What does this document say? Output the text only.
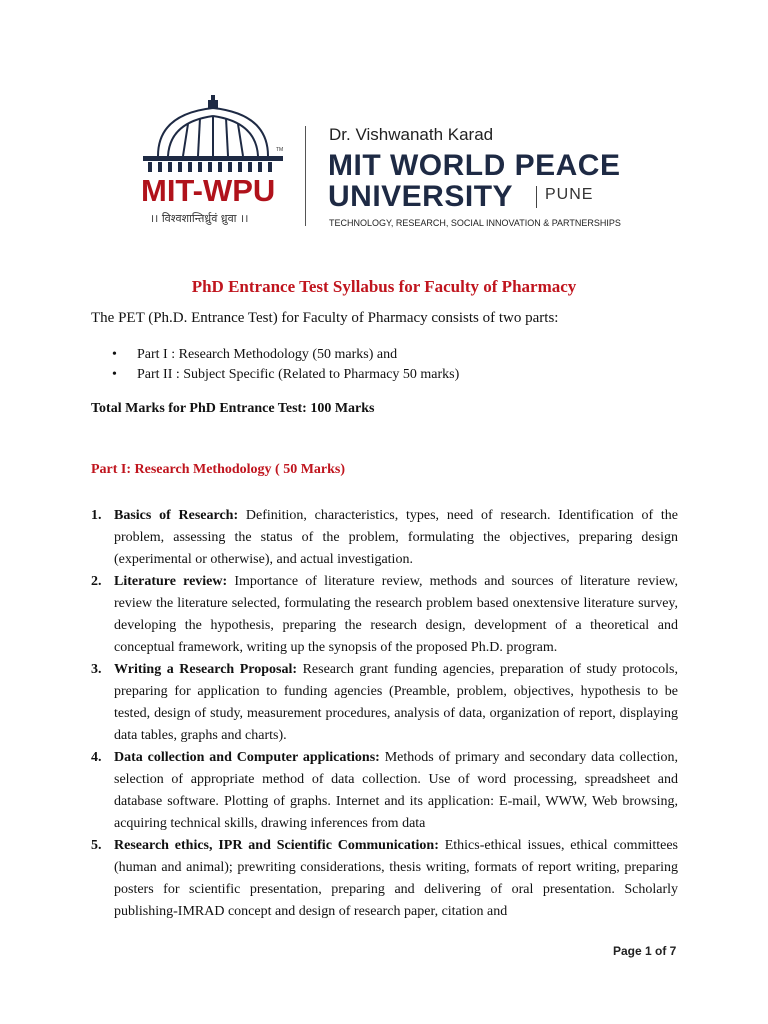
TM
MIT-WPU
।। विश्वशान्तिर्ध्रुवं ध्रुवा ।।
Dr. Vishwanath Karad
MIT WORLD PEACE
UNIVERSITY PUNE
TECHNOLOGY, RESEARCH, SOCIAL INNOVATION & PARTNERSHIPS
PhD Entrance Test Syllabus for Faculty of Pharmacy
The PET (Ph.D. Entrance Test) for Faculty of Pharmacy consists of two parts:
• Part I : Research Methodology (50 marks) and
• Part II : Subject Specific (Related to Pharmacy 50 marks)
Total Marks for PhD Entrance Test: 100 Marks
Part I: Research Methodology ( 50 Marks)
1. Basics of Research: Definition, characteristics, types, need of research. Identification of the problem, assessing the status of the problem, formulating the objectives, preparing design (experimental or otherwise), and actual investigation.
2. Literature review: Importance of literature review, methods and sources of literature review, review the literature selected, formulating the research problem based onextensive literature survey, developing the hypothesis, preparing the research design, development of a theoretical and conceptual framework, writing up the synopsis of the proposed Ph.D. program.
3. Writing a Research Proposal: Research grant funding agencies, preparation of study protocols, preparing for application to funding agencies (Preamble, problem, objectives, hypothesis to be tested, design of study, measurement procedures, analysis of data, organization of report, displaying data tables, graphs and charts).
4. Data collection and Computer applications: Methods of primary and secondary data collection, selection of appropriate method of data collection. Use of word processing, spreadsheet and database software. Plotting of graphs. Internet and its application: E-mail, WWW, Web browsing, acquiring technical skills, drawing inferences from data
5. Research ethics, IPR and Scientific Communication: Ethics-ethical issues, ethical committees (human and animal); prewriting considerations, thesis writing, formats of report writing, preparing posters for scientific presentation, preparing and delivering of oral presentation. Scholarly publishing-IMRAD concept and design of research paper, citation and
Page 1 of 7
